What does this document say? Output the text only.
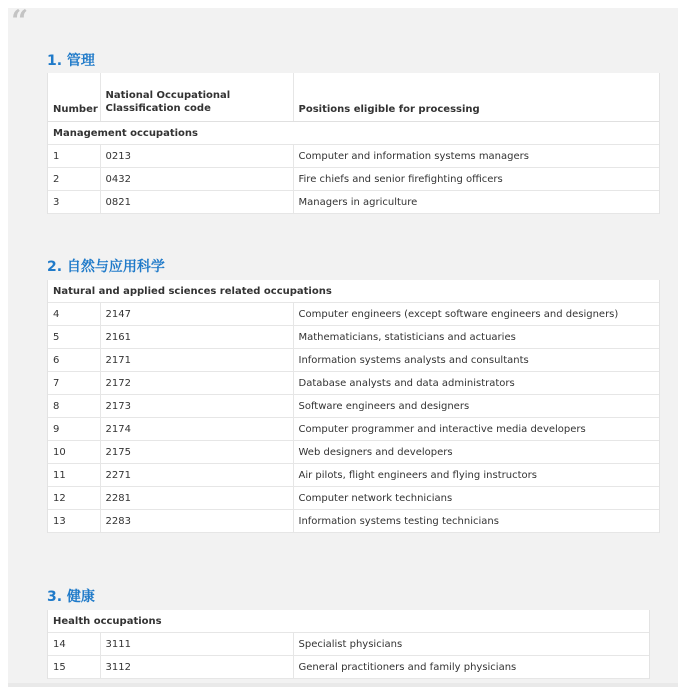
“
1. 管理
Number	National Occupational Classification code	Positions eligible for processing
Management occupations		
1	0213	Computer and information systems managers
2	0432	Fire chiefs and senior firefighting officers
3	0821	Managers in agriculture
2. 自然与应用科学
Natural and applied sciences related occupations		
4	2147	Computer engineers (except software engineers and designers)
5	2161	Mathematicians, statisticians and actuaries
6	2171	Information systems analysts and consultants
7	2172	Database analysts and data administrators
8	2173	Software engineers and designers
9	2174	Computer programmer and interactive media developers
10	2175	Web designers and developers
11	2271	Air pilots, flight engineers and flying instructors
12	2281	Computer network technicians
13	2283	Information systems testing technicians
3. 健康
Health occupations		
14	3111	Specialist physicians
15	3112	General practitioners and family physicians
